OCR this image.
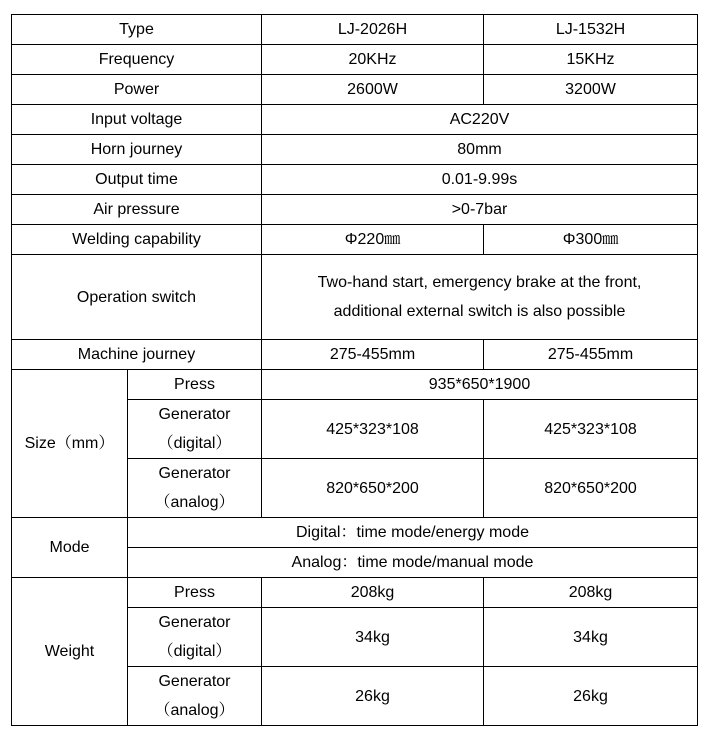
Type		LJ-2026H	LJ-1532H
Frequency		20KHz	15KHz
Power		2600W	3200W
Input voltage		AC220V	
Horn journey		80mm	
Output time		0.01-9.99s	
Air pressure		>0-7bar	
Welding capability		Φ220㎜	Φ300㎜
Operation switch		Two-hand start, emergency brake at the front,
additional external switch is also possible	

Machine journey		275-455mm	275-455mm
Size（mm）	Press	935*650*1900	

	Generator
（digital）	425*323*108	425*323*108

	Generator
（analog）	820*650*200	820*650*200
Mode	Digital：time mode/energy mode		
	Analog：time mode/manual mode		
Weight	Press	208kg	208kg

	Generator
（digital）	34kg	34kg

	Generator
（analog）	26kg	26kg
